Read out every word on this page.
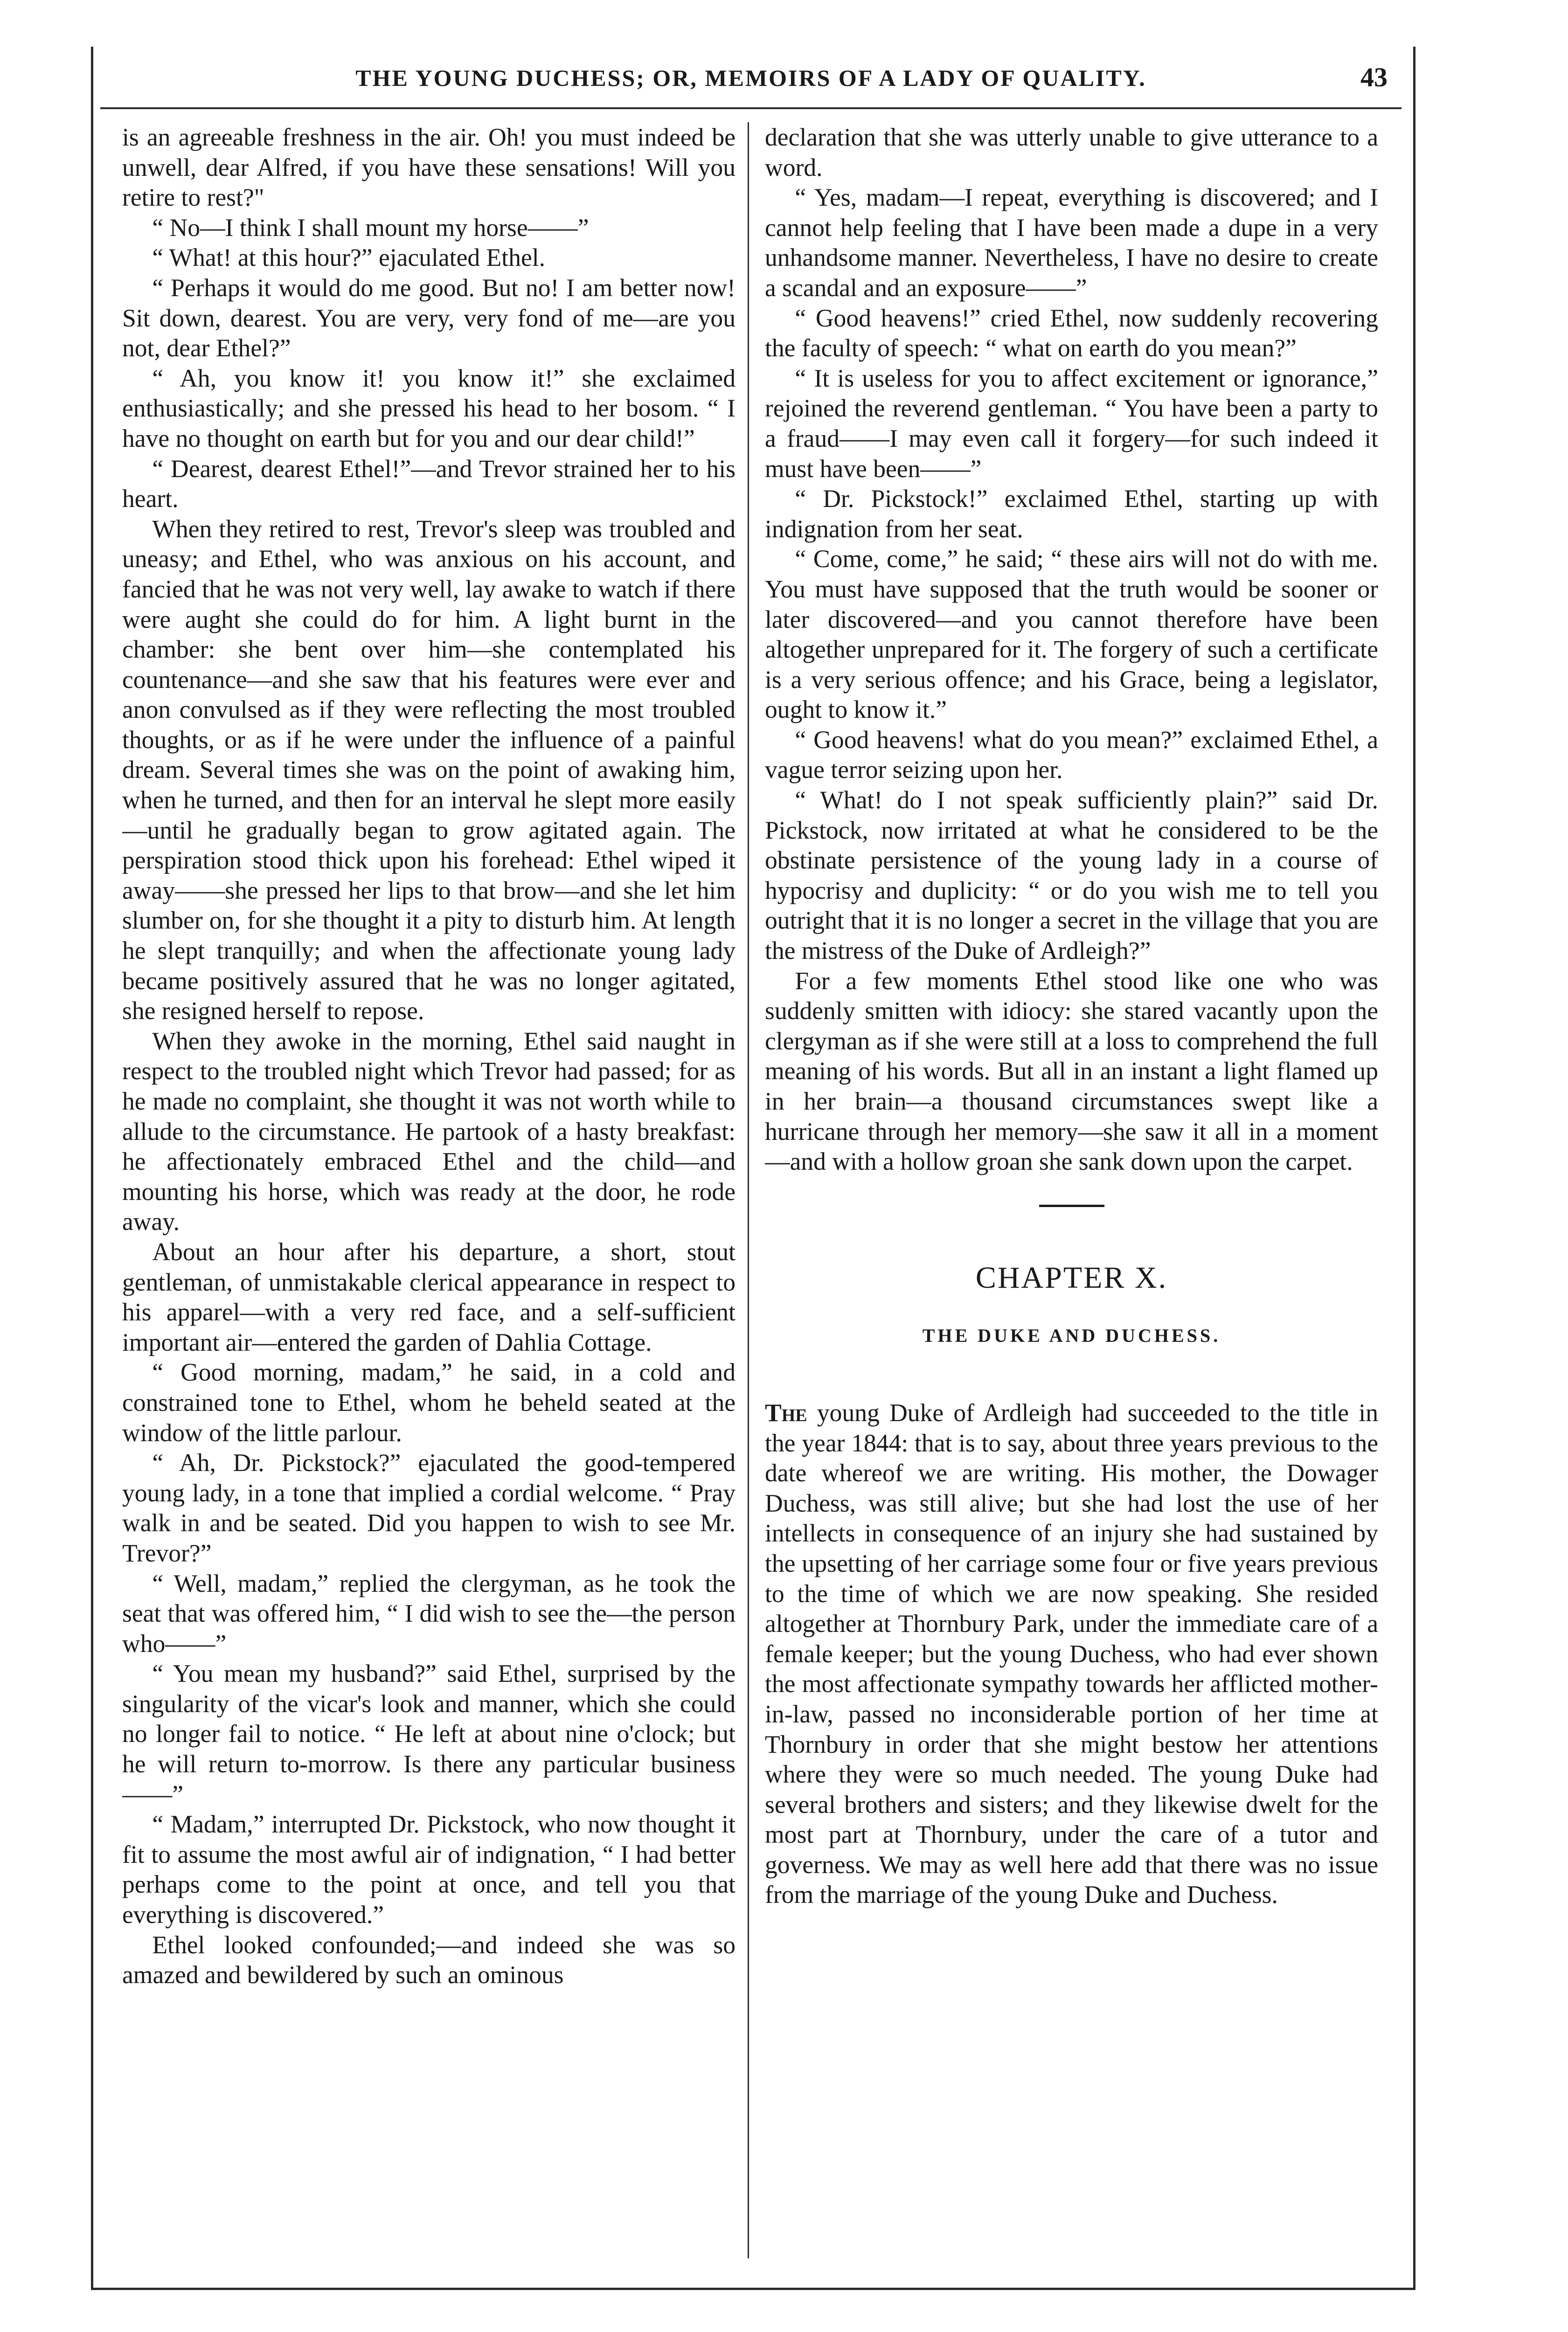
THE YOUNG DUCHESS; OR, MEMOIRS OF A LADY OF QUALITY.	43

is an agreeable freshness in the air. Oh! you must indeed be unwell, dear Alfred, if you have these sensations! Will you retire to rest?"

“ No—I think I shall mount my horse——”

“ What! at this hour?” ejaculated Ethel.

“ Perhaps it would do me good. But no! I am better now! Sit down, dearest. You are very, very fond of me—are you not, dear Ethel?”

“ Ah, you know it! you know it!” she exclaimed enthusiastically; and she pressed his head to her bosom. “ I have no thought on earth but for you and our dear child!”

“ Dearest, dearest Ethel!”—and Trevor strained her to his heart.

When they retired to rest, Trevor's sleep was troubled and uneasy; and Ethel, who was anxious on his account, and fancied that he was not very well, lay awake to watch if there were aught she could do for him. A light burnt in the chamber: she bent over him—she contemplated his countenance—and she saw that his features were ever and anon convulsed as if they were reflecting the most troubled thoughts, or as if he were under the influence of a painful dream. Several times she was on the point of awaking him, when he turned, and then for an interval he slept more easily—until he gradually began to grow agitated again. The perspiration stood thick upon his forehead: Ethel wiped it away——she pressed her lips to that brow—and she let him slumber on, for she thought it a pity to disturb him. At length he slept tranquilly; and when the affectionate young lady became positively assured that he was no longer agitated, she resigned herself to repose.

When they awoke in the morning, Ethel said naught in respect to the troubled night which Trevor had passed; for as he made no complaint, she thought it was not worth while to allude to the circumstance. He partook of a hasty breakfast: he affectionately embraced Ethel and the child—and mounting his horse, which was ready at the door, he rode away.

About an hour after his departure, a short, stout gentleman, of unmistakable clerical appearance in respect to his apparel—with a very red face, and a self-sufficient important air—entered the garden of Dahlia Cottage.

“ Good morning, madam,” he said, in a cold and constrained tone to Ethel, whom he beheld seated at the window of the little parlour.

“ Ah, Dr. Pickstock?” ejaculated the good-tempered young lady, in a tone that implied a cordial welcome. “ Pray walk in and be seated. Did you happen to wish to see Mr. Trevor?”

“ Well, madam,” replied the clergyman, as he took the seat that was offered him, “ I did wish to see the—the person who——”

“ You mean my husband?” said Ethel, surprised by the singularity of the vicar's look and manner, which she could no longer fail to notice. “ He left at about nine o'clock; but he will return to-morrow. Is there any particular business——”

“ Madam,” interrupted Dr. Pickstock, who now thought it fit to assume the most awful air of indignation, “ I had better perhaps come to the point at once, and tell you that everything is discovered.”

Ethel looked confounded;—and indeed she was so amazed and bewildered by such an ominous

declaration that she was utterly unable to give utterance to a word.

“ Yes, madam—I repeat, everything is discovered; and I cannot help feeling that I have been made a dupe in a very unhandsome manner. Nevertheless, I have no desire to create a scandal and an exposure——”

“ Good heavens!” cried Ethel, now suddenly recovering the faculty of speech: “ what on earth do you mean?”

“ It is useless for you to affect excitement or ignorance,” rejoined the reverend gentleman. “ You have been a party to a fraud——I may even call it forgery—for such indeed it must have been——”

“ Dr. Pickstock!” exclaimed Ethel, starting up with indignation from her seat.

“ Come, come,” he said; “ these airs will not do with me. You must have supposed that the truth would be sooner or later discovered—and you cannot therefore have been altogether unprepared for it. The forgery of such a certificate is a very serious offence; and his Grace, being a legislator, ought to know it.”

“ Good heavens! what do you mean?” exclaimed Ethel, a vague terror seizing upon her.

“ What! do I not speak sufficiently plain?” said Dr. Pickstock, now irritated at what he considered to be the obstinate persistence of the young lady in a course of hypocrisy and duplicity: “ or do you wish me to tell you outright that it is no longer a secret in the village that you are the mistress of the Duke of Ardleigh?”

For a few moments Ethel stood like one who was suddenly smitten with idiocy: she stared vacantly upon the clergyman as if she were still at a loss to comprehend the full meaning of his words. But all in an instant a light flamed up in her brain—a thousand circumstances swept like a hurricane through her memory—she saw it all in a moment—and with a hollow groan she sank down upon the carpet.

CHAPTER X.
THE DUKE AND DUCHESS.

The young Duke of Ardleigh had succeeded to the title in the year 1844: that is to say, about three years previous to the date whereof we are writing. His mother, the Dowager Duchess, was still alive; but she had lost the use of her intellects in consequence of an injury she had sustained by the upsetting of her carriage some four or five years previous to the time of which we are now speaking. She resided altogether at Thornbury Park, under the immediate care of a female keeper; but the young Duchess, who had ever shown the most affectionate sympathy towards her afflicted mother-in-law, passed no inconsiderable portion of her time at Thornbury in order that she might bestow her attentions where they were so much needed. The young Duke had several brothers and sisters; and they likewise dwelt for the most part at Thornbury, under the care of a tutor and governess. We may as well here add that there was no issue from the marriage of the young Duke and Duchess.
